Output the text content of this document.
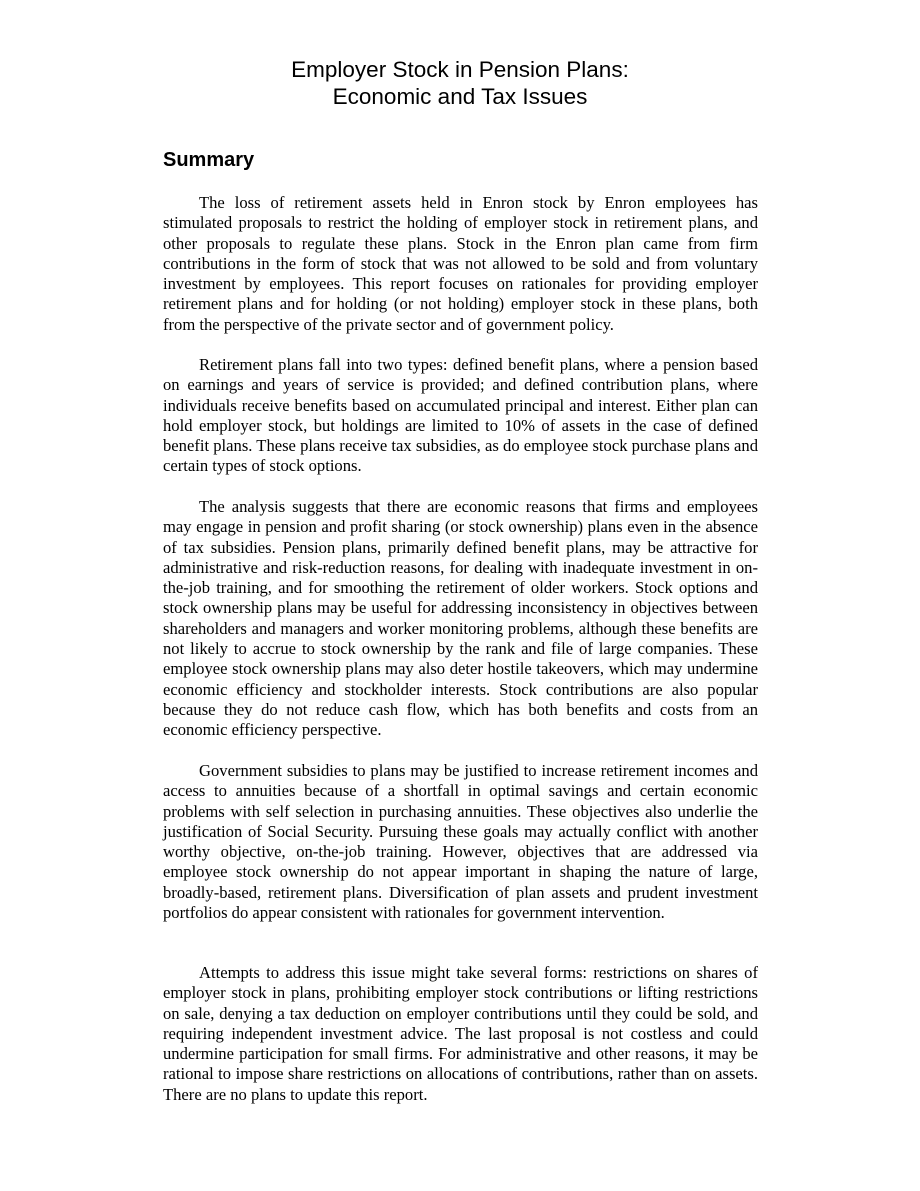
Employer Stock in Pension Plans:
Economic and Tax Issues
Summary

The loss of retirement assets held in Enron stock by Enron employees has stimulated proposals to restrict the holding of employer stock in retirement plans, and other proposals to regulate these plans. Stock in the Enron plan came from firm contributions in the form of stock that was not allowed to be sold and from voluntary investment by employees. This report focuses on rationales for providing employer retirement plans and for holding (or not holding) employer stock in these plans, both from the perspective of the private sector and of government policy.

Retirement plans fall into two types: defined benefit plans, where a pension based on earnings and years of service is provided; and defined contribution plans, where individuals receive benefits based on accumulated principal and interest. Either plan can hold employer stock, but holdings are limited to 10% of assets in the case of defined benefit plans. These plans receive tax subsidies, as do employee stock purchase plans and certain types of stock options.

The analysis suggests that there are economic reasons that firms and employees may engage in pension and profit sharing (or stock ownership) plans even in the absence of tax subsidies. Pension plans, primarily defined benefit plans, may be attractive for administrative and risk-reduction reasons, for dealing with inadequate investment in on-the-job training, and for smoothing the retirement of older workers. Stock options and stock ownership plans may be useful for addressing inconsistency in objectives between shareholders and managers and worker monitoring problems, although these benefits are not likely to accrue to stock ownership by the rank and file of large companies. These employee stock ownership plans may also deter hostile takeovers, which may undermine economic efficiency and stockholder interests. Stock contributions are also popular because they do not reduce cash flow, which has both benefits and costs from an economic efficiency perspective.

Government subsidies to plans may be justified to increase retirement incomes and access to annuities because of a shortfall in optimal savings and certain economic problems with self selection in purchasing annuities. These objectives also underlie the justification of Social Security. Pursuing these goals may actually conflict with another worthy objective, on-the-job training. However, objectives that are addressed via employee stock ownership do not appear important in shaping the nature of large, broadly-based, retirement plans. Diversification of plan assets and prudent investment portfolios do appear consistent with rationales for government intervention.

Attempts to address this issue might take several forms: restrictions on shares of employer stock in plans, prohibiting employer stock contributions or lifting restrictions on sale, denying a tax deduction on employer contributions until they could be sold, and requiring independent investment advice. The last proposal is not costless and could undermine participation for small firms. For administrative and other reasons, it may be rational to impose share restrictions on allocations of contributions, rather than on assets. There are no plans to update this report.
